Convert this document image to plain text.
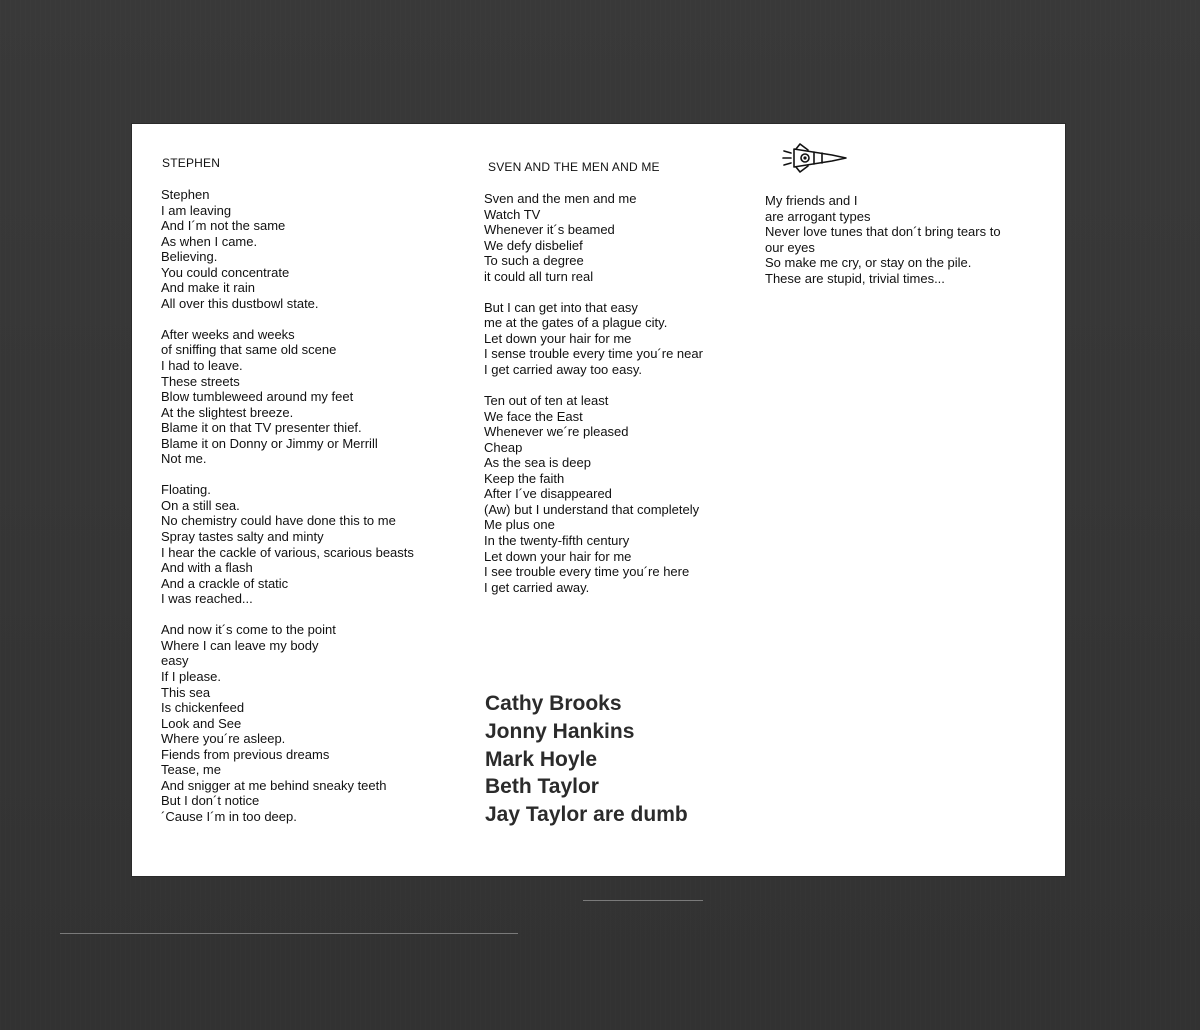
STEPHEN
Stephen
I am leaving
And I´m not the same
As when I came.
Believing.
You could concentrate
And make it rain
All over this dustbowl state.
After weeks and weeks
of sniffing that same old scene
I had to leave.
These streets
Blow tumbleweed around my feet
At the slightest breeze.
Blame it on that TV presenter thief.
Blame it on Donny or Jimmy or Merrill
Not me.
Floating.
On a still sea.
No chemistry could have done this to me
Spray tastes salty and minty
I hear the cackle of various, scarious beasts
And with a flash
And a crackle of static
I was reached...
And now it´s come to the point
Where I can leave my body
easy
If I please.
This sea
Is chickenfeed
Look and See
Where you´re asleep.
Fiends from previous dreams
Tease, me
And snigger at me behind sneaky teeth
But I don´t notice
´Cause I´m in too deep.
SVEN AND THE MEN AND ME
Sven and the men and me
Watch TV
Whenever it´s beamed
We defy disbelief
To such a degree
it could all turn real
But I can get into that easy
me at the gates of a plague city.
Let down your hair for me
I sense trouble every time you´re near
I get carried away too easy.
Ten out of ten at least
We face the East
Whenever we´re pleased
Cheap
As the sea is deep
Keep the faith
After I´ve disappeared
(Aw) but I understand that completely
Me plus one
In the twenty-fifth century
Let down your hair for me
I see trouble every time you´re here
I get carried away.
Cathy Brooks
Jonny Hankins
Mark Hoyle
Beth Taylor
Jay Taylor are dumb
My friends and I
are arrogant types
Never love tunes that don´t bring tears to
our eyes
So make me cry, or stay on the pile.
These are stupid, trivial times...
